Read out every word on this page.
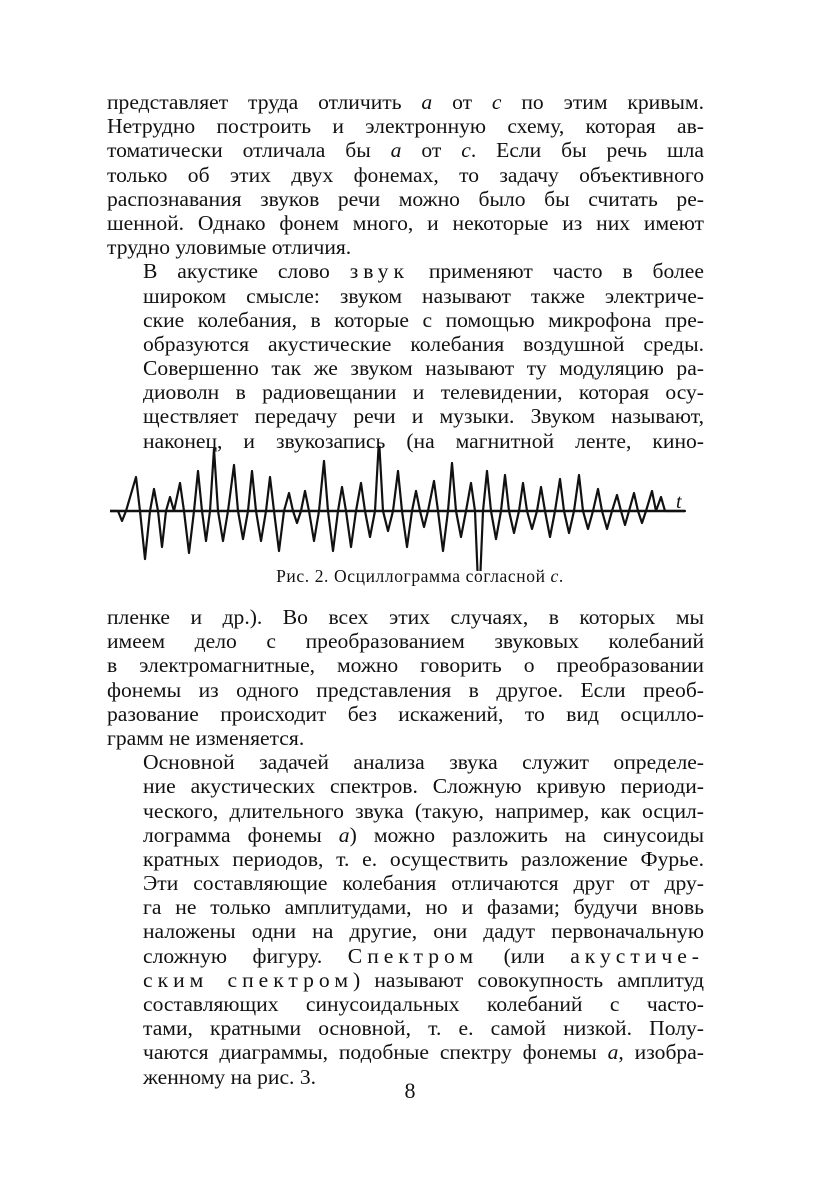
представляет труда отличить а от с по этим кривым.
Нетрудно построить и электронную схему, которая ав-
томатически отличала бы а от с. Если бы речь шла
только об этих двух фонемах, то задачу объективного
распознавания звуков речи можно было бы считать ре-
шенной. Однако фонем много, и некоторые из них имеют
трудно уловимые отличия.

В акустике слово звук применяют часто в более
широком смысле: звуком называют также электриче-
ские колебания, в которые с помощью микрофона пре-
образуются акустические колебания воздушной среды.
Совершенно так же звуком называют ту модуляцию ра-
диоволн в радиовещании и телевидении, которая осу-
ществляет передачу речи и музыки. Звуком называют,
наконец, и звукозапись (на магнитной ленте, кино-

t
Рис. 2. Осциллограмма согласной с.

пленке и др.). Во всех этих случаях, в которых мы
имеем дело с преобразованием звуковых колебаний
в электромагнитные, можно говорить о преобразовании
фонемы из одного представления в другое. Если преоб-
разование происходит без искажений, то вид осцилло-
грамм не изменяется.

Основной задачей анализа звука служит определе-
ние акустических спектров. Сложную кривую периоди-
ческого, длительного звука (такую, например, как осцил-
лограмма фонемы а) можно разложить на синусоиды
кратных периодов, т. е. осуществить разложение Фурье.
Эти составляющие колебания отличаются друг от дру-
га не только амплитудами, но и фазами; будучи вновь
наложены одни на другие, они дадут первоначальную
сложную фигуру. Спектром (или акустиче-
ским спектром) называют совокупность амплитуд
составляющих синусоидальных колебаний с часто-
тами, кратными основной, т. е. самой низкой. Полу-
чаются диаграммы, подобные спектру фонемы а, изобра-
женному на рис. 3.

8
